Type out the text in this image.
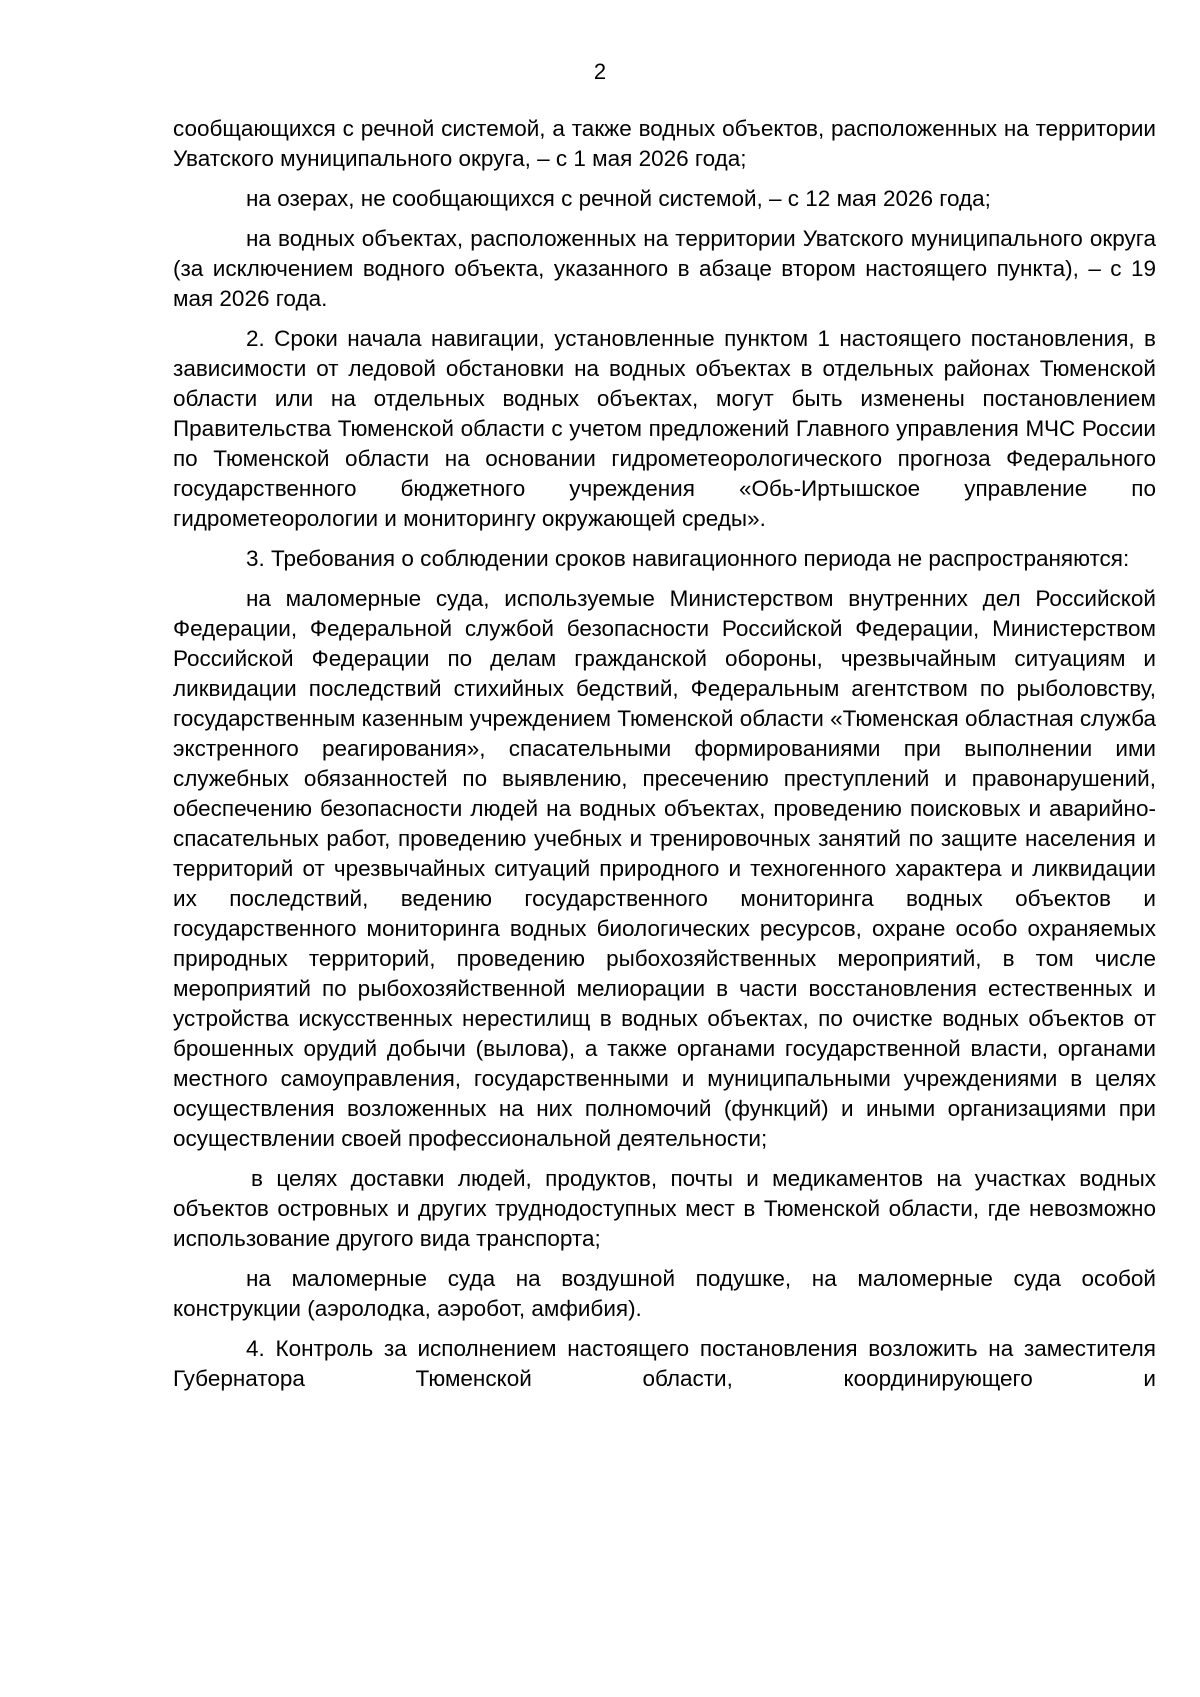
2

сообщающихся с речной системой, а также водных объектов, расположенных на территории Уватского муниципального округа, – с 1 мая 2026 года;

на озерах, не сообщающихся с речной системой, – с 12 мая 2026 года;

на водных объектах, расположенных на территории Уватского муниципального округа (за исключением водного объекта, указанного в абзаце втором настоящего пункта), – с 19 мая 2026 года.

2. Сроки начала навигации, установленные пунктом 1 настоящего постановления, в зависимости от ледовой обстановки на водных объектах в отдельных районах Тюменской области или на отдельных водных объектах, могут быть изменены постановлением Правительства Тюменской области с учетом предложений Главного управления МЧС России по Тюменской области на основании гидрометеорологического прогноза Федерального государственного бюджетного учреждения «Обь-Иртышское управление по гидрометеорологии и мониторингу окружающей среды».

3. Требования о соблюдении сроков навигационного периода не распространяются:

на маломерные суда, используемые Министерством внутренних дел Российской Федерации, Федеральной службой безопасности Российской Федерации, Министерством Российской Федерации по делам гражданской обороны, чрезвычайным ситуациям и ликвидации последствий стихийных бедствий, Федеральным агентством по рыболовству, государственным казенным учреждением Тюменской области «Тюменская областная служба экстренного реагирования», спасательными формированиями при выполнении ими служебных обязанностей по выявлению, пресечению преступлений и правонарушений, обеспечению безопасности людей на водных объектах, проведению поисковых и аварийно-спасательных работ, проведению учебных и тренировочных занятий по защите населения и территорий от чрезвычайных ситуаций природного и техногенного характера и ликвидации их последствий, ведению государственного мониторинга водных объектов и государственного мониторинга водных биологических ресурсов, охране особо охраняемых природных территорий, проведению рыбохозяйственных мероприятий, в том числе мероприятий по рыбохозяйственной мелиорации в части восстановления естественных и устройства искусственных нерестилищ в водных объектах, по очистке водных объектов от брошенных орудий добычи (вылова), а также органами государственной власти, органами местного самоуправления, государственными и муниципальными учреждениями в целях осуществления возложенных на них полномочий (функций) и иными организациями при осуществлении своей профессиональной деятельности;

в целях доставки людей, продуктов, почты и медикаментов на участках водных объектов островных и других труднодоступных мест в Тюменской области, где невозможно использование другого вида транспорта;

на маломерные суда на воздушной подушке, на маломерные суда особой конструкции (аэролодка, аэробот, амфибия).

4. Контроль за исполнением настоящего постановления возложить на заместителя Губернатора Тюменской области, координирующего и
